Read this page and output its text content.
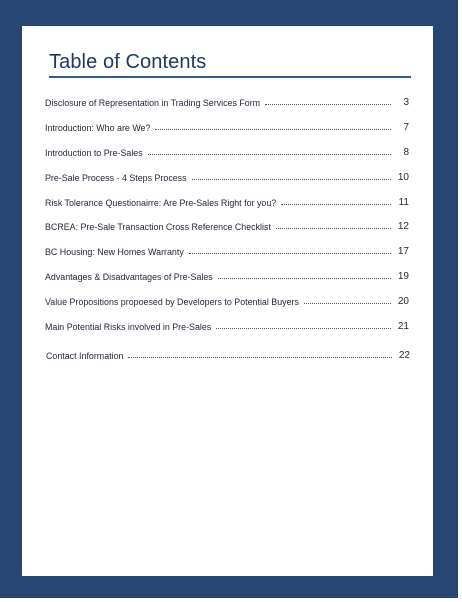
Table of Contents
Disclosure of Representation in Trading Services Form	3
Introduction: Who are We?	7
Introduction to Pre-Sales	8
Pre-Sale Process - 4 Steps Process	10
Risk Tolerance Questionairre: Are Pre-Sales Right for you?	11
BCREA: Pre-Sale Transaction Cross Reference Checklist	12
BC Housing: New Homes Warranty	17
Advantages & Disadvantages of Pre-Sales	19
Value Propositions propoesed by Developers to Potential Buyers	20
Main Potential Risks involved in Pre-Sales	21
Contact Information	22
